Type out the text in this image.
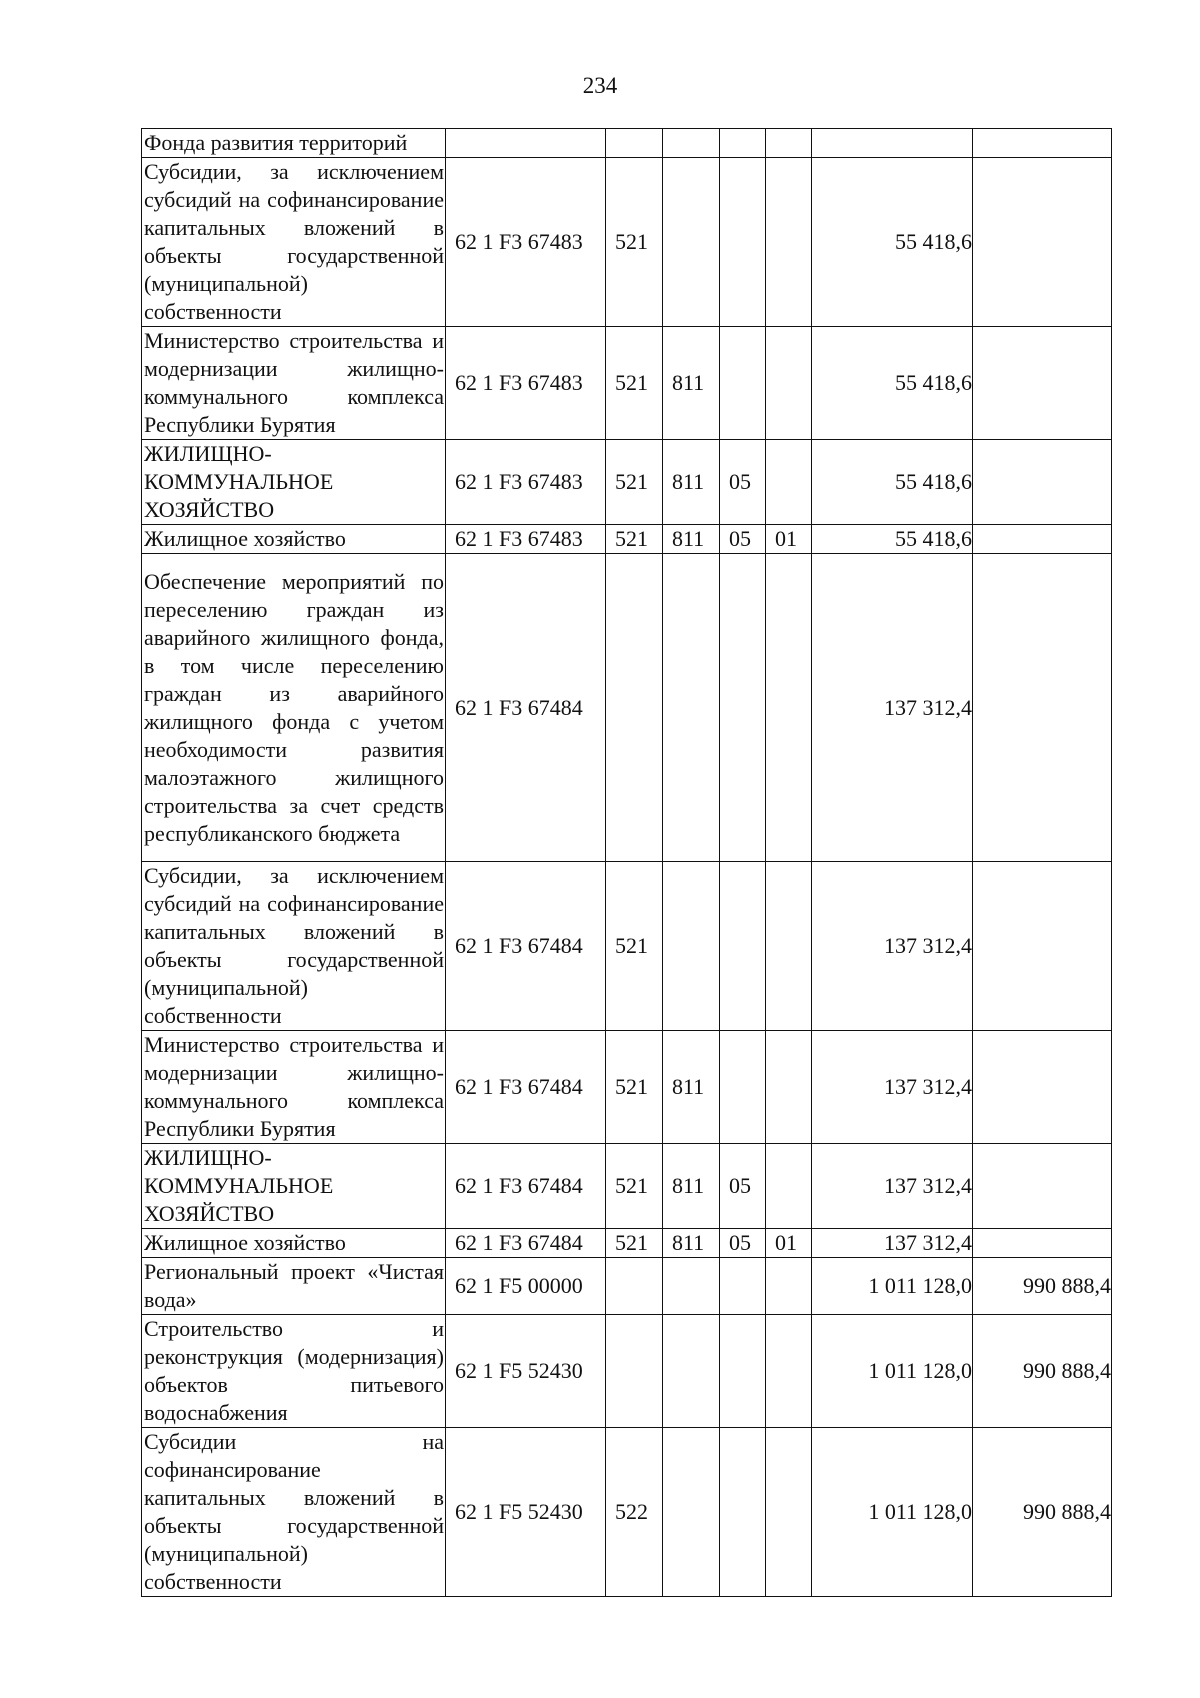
234
Фонда развития территорий							
Субсидии, за исключением субсидий на софинансирование капитальных вложений в объекты государственной (муниципальной) собственности	62 1 F3 67483	521				55 418,6	
Министерство строительства и модернизации жилищно-коммунального комплекса Республики Бурятия	62 1 F3 67483	521	811			55 418,6	
ЖИЛИЩНО-КОММУНАЛЬНОЕ ХОЗЯЙСТВО	62 1 F3 67483	521	811	05		55 418,6	
Жилищное хозяйство	62 1 F3 67483	521	811	05	01	55 418,6	
Обеспечение мероприятий по переселению граждан из аварийного жилищного фонда, в том числе переселению граждан из аварийного жилищного фонда с учетом необходимости развития малоэтажного жилищного строительства за счет средств республиканского бюджета	62 1 F3 67484					137 312,4	
Субсидии, за исключением субсидий на софинансирование капитальных вложений в объекты государственной (муниципальной) собственности	62 1 F3 67484	521				137 312,4	
Министерство строительства и модернизации жилищно-коммунального комплекса Республики Бурятия	62 1 F3 67484	521	811			137 312,4	
ЖИЛИЩНО-КОММУНАЛЬНОЕ ХОЗЯЙСТВО	62 1 F3 67484	521	811	05		137 312,4	
Жилищное хозяйство	62 1 F3 67484	521	811	05	01	137 312,4	
Региональный проект «Чистая вода»	62 1 F5 00000					1 011 128,0	990 888,4
Строительство и реконструкция (модернизация) объектов питьевого водоснабжения	62 1 F5 52430					1 011 128,0	990 888,4
Субсидии на софинансирование капитальных вложений в объекты государственной (муниципальной) собственности	62 1 F5 52430	522				1 011 128,0	990 888,4
